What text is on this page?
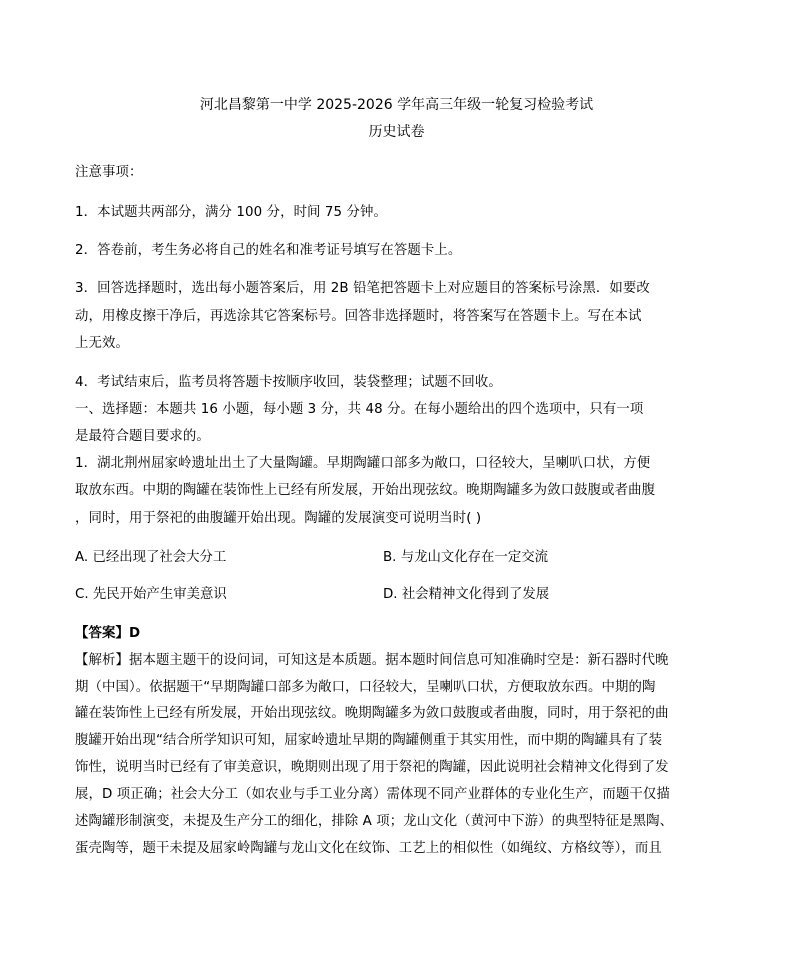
河北昌黎第一中学 2025-2026 学年高三年级一轮复习检验考试
历史试卷
注意事项：
1．本试题共两部分，满分 100 分，时间 75 分钟。
2．答卷前，考生务必将自己的姓名和准考证号填写在答题卡上。
3．回答选择题时，选出每小题答案后，用 2B 铅笔把答题卡上对应题目的答案标号涂黑．如要改
动，用橡皮擦干净后，再选涂其它答案标号。回答非选择题时，将答案写在答题卡上。写在本试
上无效。
4．考试结束后，监考员将答题卡按顺序收回，装袋整理；试题不回收。
一、选择题：本题共 16 小题，每小题 3 分，共 48 分。在每小题给出的四个选项中，只有一项
是最符合题目要求的。
1．湖北荆州屈家岭遗址出土了大量陶罐。早期陶罐口部多为敞口，口径较大，呈喇叭口状，方便
取放东西。中期的陶罐在装饰性上已经有所发展，开始出现弦纹。晚期陶罐多为敛口鼓腹或者曲腹
，同时，用于祭祀的曲腹罐开始出现。陶罐的发展演变可说明当时( )
A. 已经出现了社会大分工	B. 与龙山文化存在一定交流
C. 先民开始产生审美意识	D. 社会精神文化得到了发展
【答案】D
【解析】据本题主题干的设问词，可知这是本质题。据本题时间信息可知准确时空是：新石器时代晚
期（中国）。依据题干“早期陶罐口部多为敞口，口径较大，呈喇叭口状，方便取放东西。中期的陶
罐在装饰性上已经有所发展，开始出现弦纹。晚期陶罐多为敛口鼓腹或者曲腹，同时，用于祭祀的曲
腹罐开始出现“结合所学知识可知，屈家岭遗址早期的陶罐侧重于其实用性，而中期的陶罐具有了装
饰性，说明当时已经有了审美意识，晚期则出现了用于祭祀的陶罐，因此说明社会精神文化得到了发
展，D 项正确；社会大分工（如农业与手工业分离）需体现不同产业群体的专业化生产，而题干仅描
述陶罐形制演变，未提及生产分工的细化，排除 A 项；龙山文化（黄河中下游）的典型特征是黑陶、
蛋壳陶等，题干未提及屈家岭陶罐与龙山文化在纹饰、工艺上的相似性（如绳纹、方格纹等），而且
